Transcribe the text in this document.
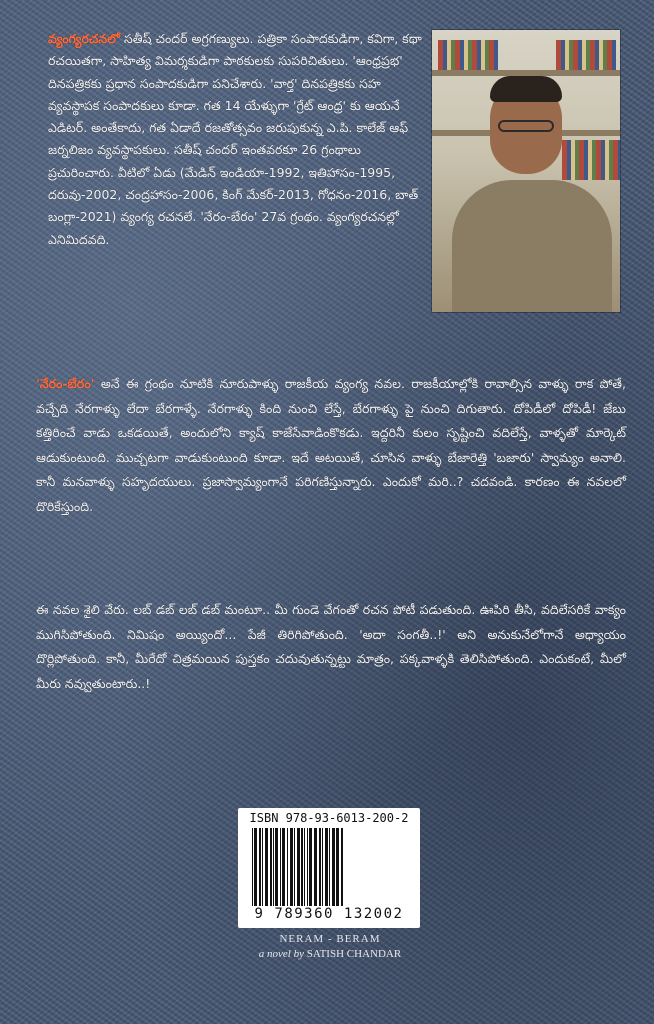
వ్యంగ్యరచనలో సతీష్ చందర్ అగ్రగణ్యులు. పత్రికా సంపాదకుడిగా, కవిగా, కథా రచయితగా, సాహిత్య విమర్శకుడిగా పాఠకులకు సుపరిచితులు. 'ఆంధ్రప్రభ' దినపత్రికకు ప్రధాన సంపాదకుడిగా పనిచేశారు. 'వార్త' దినపత్రికకు సహ వ్యవస్థాపక సంపాదకులు కూడా. గత 14 యేళ్ళుగా 'గ్రేట్ ఆంధ్ర' కు ఆయనే ఎడిటర్. అంతేకాదు, గత ఏడాదే రజతోత్సవం జరుపుకున్న ఎ.పి. కాలేజ్ ఆఫ్ జర్నలిజం వ్యవస్థాపకులు. సతీష్ చందర్ ఇంతవరకూ 26 గ్రంథాలు ప్రచురించారు. వీటిలో ఏడు (మేడిన్ ఇండియా-1992, ఇతిహాసం-1995, దరువు-2002, చంద్రహాసం-2006, కింగ్ మేకర్-2013, గోధనం-2016, బాత్ బంగ్లా-2021) వ్యంగ్య రచనలే. 'నేరం-బేరం' 27వ గ్రంథం. వ్యంగ్యరచనల్లో ఎనిమిదవది.
'నేరం-బేరం' అనే ఈ గ్రంథం నూటికి నూరుపాళ్ళు రాజకీయ వ్యంగ్య నవల. రాజకీయాల్లోకి రావాల్సిన వాళ్ళు రాక పోతే, వచ్చేది నేరగాళ్ళు లేదా బేరగాళ్ళే. నేరగాళ్ళు కింది నుంచి లేస్తే, బేరగాళ్ళు పై నుంచి దిగుతారు. దోపిడీలో దోపిడీ! జేబు కత్తిరించే వాడు ఒకడయితే, అందులోని క్యాష్ కాజేసేవాడింకొకడు. ఇద్దరినీ కులం సృష్టించి వదిలేస్తే, వాళ్ళతో మార్కెట్ ఆడుకుంటుంది. ముచ్చటగా వాడుకుంటుంది కూడా. ఇదే అటయితే, చూసిన వాళ్ళు బేజారెత్తి 'బజారు' స్వామ్యం అనాలి. కానీ మనవాళ్ళు సహృదయులు. ప్రజాస్వామ్యంగానే పరిగణిస్తున్నారు. ఎందుకో మరి..? చదవండి. కారణం ఈ నవలలో దొరికేస్తుంది.
ఈ నవల శైలి వేరు. లబ్ డబ్ లబ్ డబ్ మంటూ.. మీ గుండె వేగంతో రచన పోటీ పడుతుంది. ఊపిరి తీసి, వదిలేసరికే వాక్యం ముగిసిపోతుంది. నిమిషం అయ్యిందో... పేజీ తిరిగిపోతుంది. 'అదా సంగతీ..!' అని అనుకునేలోగానే అధ్యాయం దొర్లిపోతుంది. కానీ, మీరేదో చిత్రమయిన పుస్తకం చదువుతున్నట్టు మాత్రం, పక్కవాళ్ళకి తెలిసిపోతుంది. ఎందుకంటే, మీలో మీరు నవ్వుతుంటారు..!
ISBN 978-93-6013-200-2
9 789360 132002
NERAM - BERAM
a novel by SATISH CHANDAR
